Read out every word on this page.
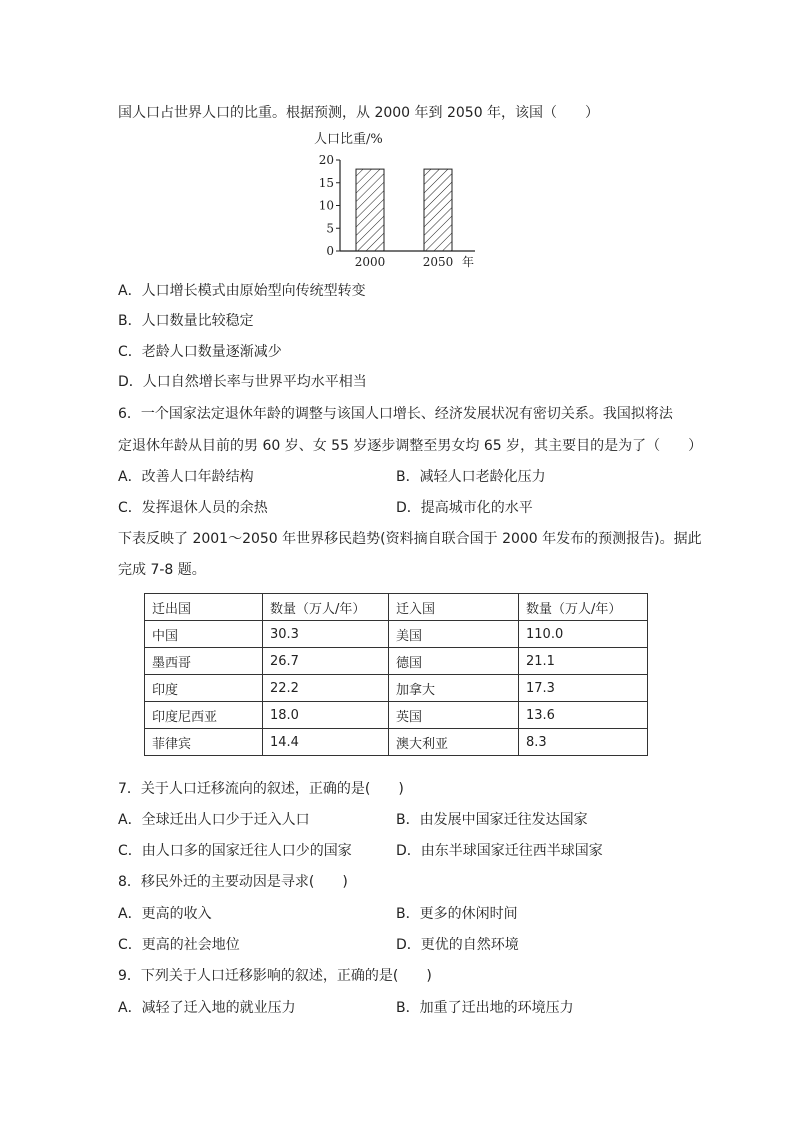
国人口占世界人口的比重。根据预测，从 2000 年到 2050 年，该国（　　）
人口比重/%
20
15
10
5
0
2000	2050 年
A．人口增长模式由原始型向传统型转变
B．人口数量比较稳定
C．老龄人口数量逐渐减少
D．人口自然增长率与世界平均水平相当
6．一个国家法定退休年龄的调整与该国人口增长、经济发展状况有密切关系。我国拟将法
定退休年龄从目前的男 60 岁、女 55 岁逐步调整至男女均 65 岁，其主要目的是为了（　　）
A．改善人口年龄结构	B．减轻人口老龄化压力
C．发挥退休人员的余热	D．提高城市化的水平
下表反映了 2001～2050 年世界移民趋势(资料摘自联合国于 2000 年发布的预测报告)。据此
完成 7-8 题。
迁出国	数量（万人/年）	迁入国	数量（万人/年）
中国	30.3	美国	110.0
墨西哥	26.7	德国	21.1
印度	22.2	加拿大	17.3
印度尼西亚	18.0	英国	13.6
菲律宾	14.4	澳大利亚	8.3
7．关于人口迁移流向的叙述，正确的是(　　)
A．全球迁出人口少于迁入人口	B．由发展中国家迁往发达国家
C．由人口多的国家迁往人口少的国家	D．由东半球国家迁往西半球国家
8．移民外迁的主要动因是寻求(　　)
A．更高的收入	B．更多的休闲时间
C．更高的社会地位	D．更优的自然环境
9．下列关于人口迁移影响的叙述，正确的是(　　)
A．减轻了迁入地的就业压力	B．加重了迁出地的环境压力
